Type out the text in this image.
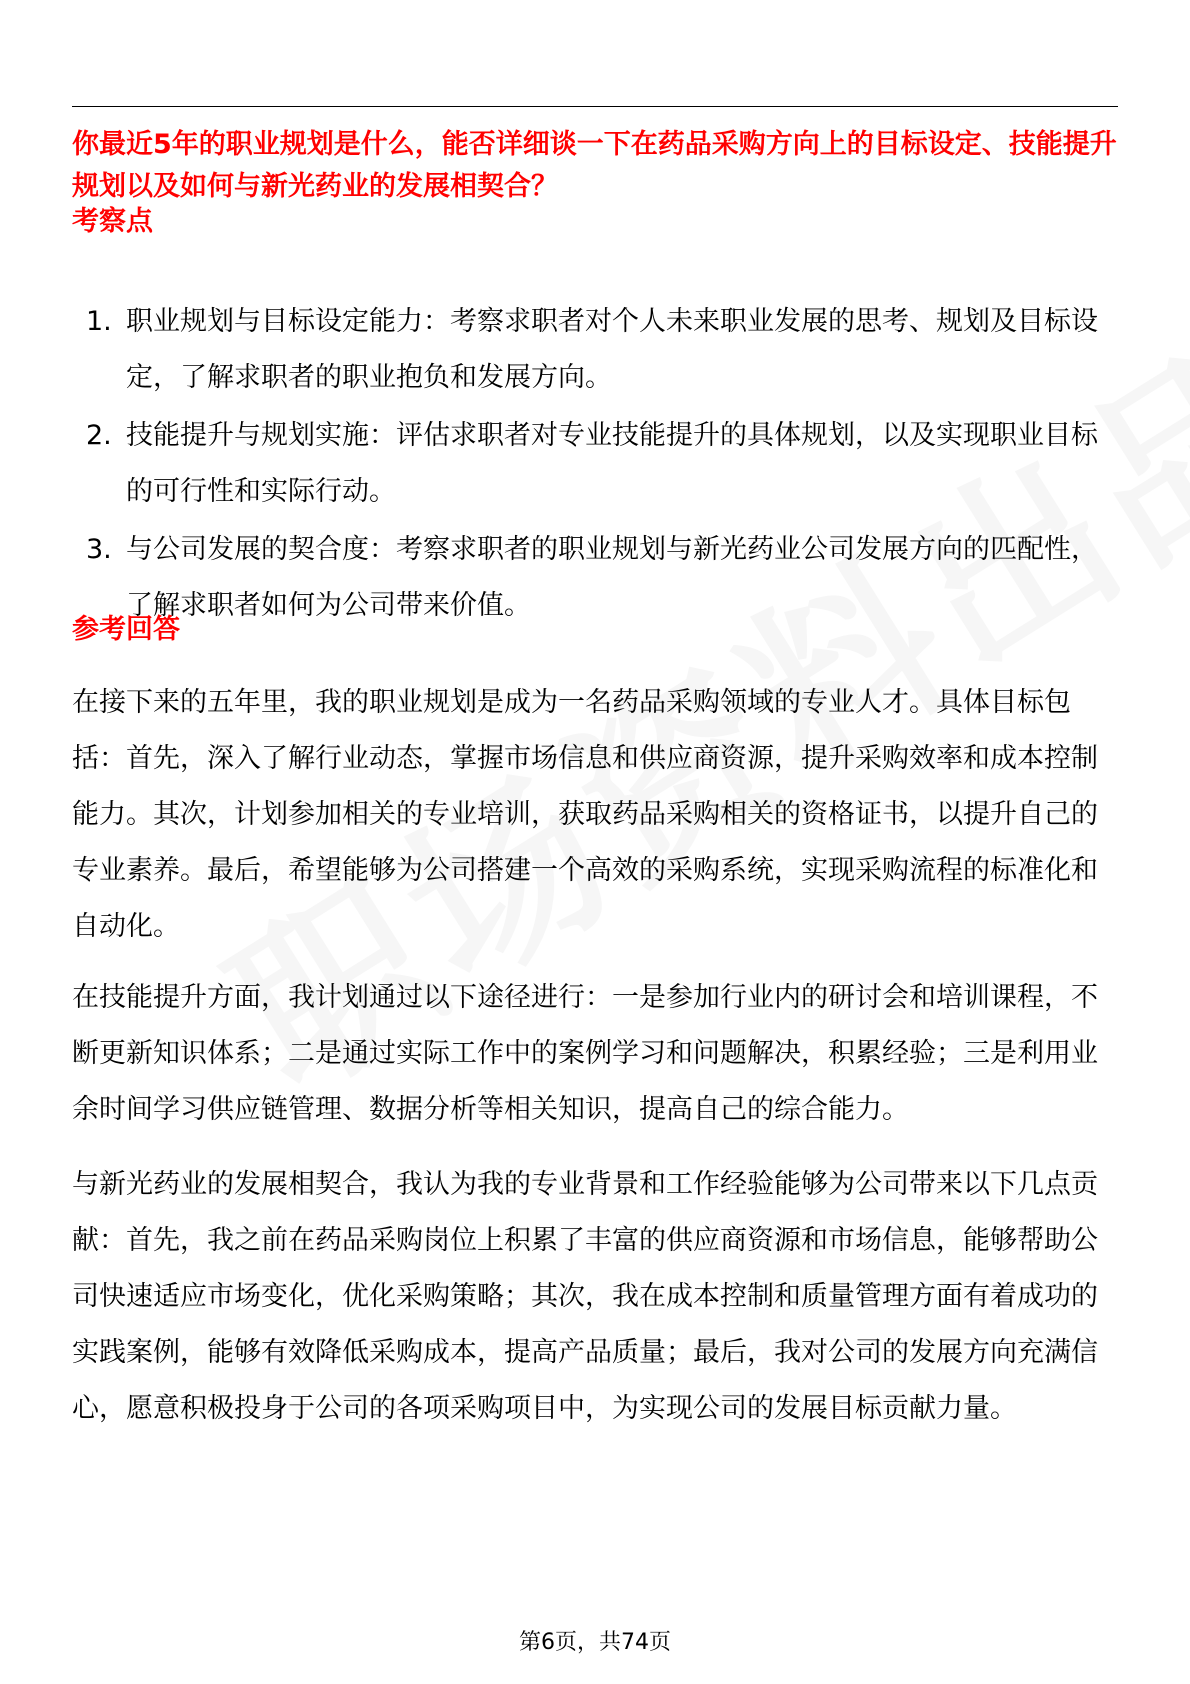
你最近5年的职业规划是什么，能否详细谈一下在药品采购方向上的目标设定、技能提升规划以及如何与新光药业的发展相契合？

考察点

1. 职业规划与目标设定能力：考察求职者对个人未来职业发展的思考、规划及目标设定，了解求职者的职业抱负和发展方向。
2. 技能提升与规划实施：评估求职者对专业技能提升的具体规划，以及实现职业目标的可行性和实际行动。
3. 与公司发展的契合度：考察求职者的职业规划与新光药业公司发展方向的匹配性，了解求职者如何为公司带来价值。

参考回答

在接下来的五年里，我的职业规划是成为一名药品采购领域的专业人才。具体目标包括：首先，深入了解行业动态，掌握市场信息和供应商资源，提升采购效率和成本控制能力。其次，计划参加相关的专业培训，获取药品采购相关的资格证书，以提升自己的专业素养。最后，希望能够为公司搭建一个高效的采购系统，实现采购流程的标准化和自动化。

在技能提升方面，我计划通过以下途径进行：一是参加行业内的研讨会和培训课程，不断更新知识体系；二是通过实际工作中的案例学习和问题解决，积累经验；三是利用业余时间学习供应链管理、数据分析等相关知识，提高自己的综合能力。

与新光药业的发展相契合，我认为我的专业背景和工作经验能够为公司带来以下几点贡献：首先，我之前在药品采购岗位上积累了丰富的供应商资源和市场信息，能够帮助公司快速适应市场变化，优化采购策略；其次，我在成本控制和质量管理方面有着成功的实践案例，能够有效降低采购成本，提高产品质量；最后，我对公司的发展方向充满信心，愿意积极投身于公司的各项采购项目中，为实现公司的发展目标贡献力量。

第6页，共74页
